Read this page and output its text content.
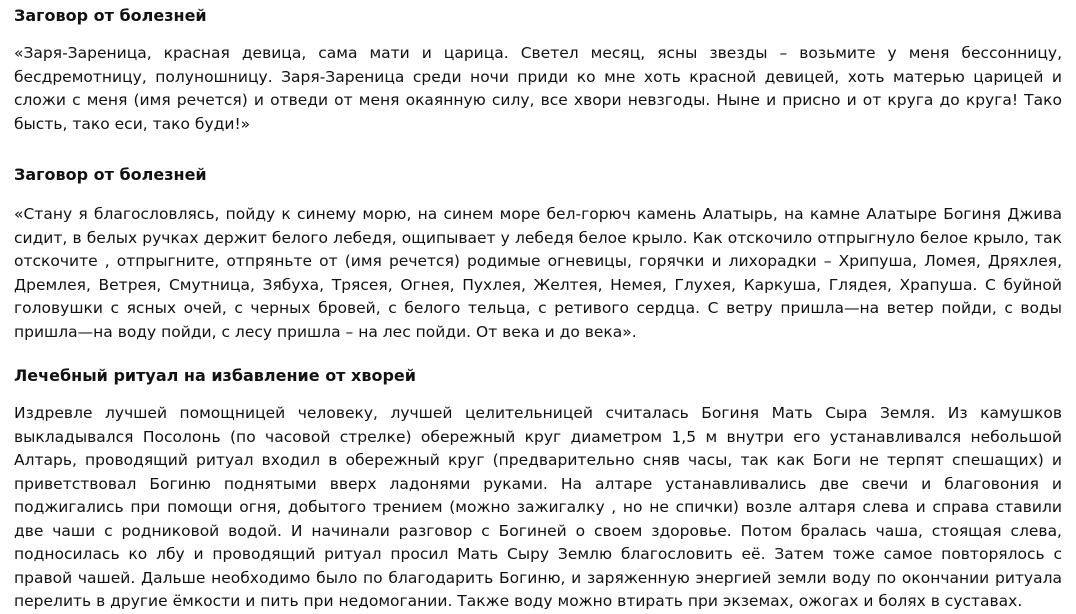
Заговор от болезней

«Заря-Зареница, красная девица, сама мати и царица. Светел месяц, ясны звезды – возьмите у меня бессонницу, бесдремотницу, полуношницу. Заря-Зареница среди ночи приди ко мне хоть красной девицей, хоть матерью царицей и сложи с меня (имя речется) и отведи от меня окаянную силу, все хвори невзгоды. Ныне и присно и от круга до круга! Тако бысть, тако еси, тако буди!»

Заговор от болезней

«Стану я благословлясь, пойду к синему морю, на синем море бел-горюч камень Алатырь, на камне Алатыре Богиня Джива сидит, в белых ручках держит белого лебедя, ощипывает у лебедя белое крыло. Как отскочило отпрыгнуло белое крыло, так отскочите , отпрыгните, отпряньте от (имя речется) родимые огневицы, горячки и лихорадки – Хрипуша, Ломея, Дряхлея, Дремлея, Ветрея, Смутница, Зябуха, Трясея, Огнея, Пухлея, Желтея, Немея, Глухея, Каркуша, Глядея, Храпуша. С буйной головушки с ясных очей, с черных бровей, с белого тельца, с ретивого сердца. С ветру пришла—на ветер пойди, с воды пришла—на воду пойди, с лесу пришла – на лес пойди. От века и до века».

Лечебный ритуал на избавление от хворей

Издревле лучшей помощницей человеку, лучшей целительницей считалась Богиня Мать Сыра Земля. Из камушков выкладывался Посолонь (по часовой стрелке) обережный круг диаметром 1,5 м внутри его устанавливался небольшой Алтарь, проводящий ритуал входил в обережный круг (предварительно сняв часы, так как Боги не терпят спешащих) и приветствовал Богиню поднятыми вверх ладонями руками. На алтаре устанавливались две свечи и благовония и поджигались при помощи огня, добытого трением (можно зажигалку , но не спички) возле алтаря слева и справа ставили две чаши с родниковой водой. И начинали разговор с Богиней о своем здоровье. Потом бралась чаша, стоящая слева, подносилась ко лбу и проводящий ритуал просил Мать Сыру Землю благословить её. Затем тоже самое повторялось с правой чашей. Дальше необходимо было по благодарить Богиню, и заряженную энергией земли воду по окончании ритуала перелить в другие ёмкости и пить при недомогании. Также воду можно втирать при экземах, ожогах и болях в суставах.
